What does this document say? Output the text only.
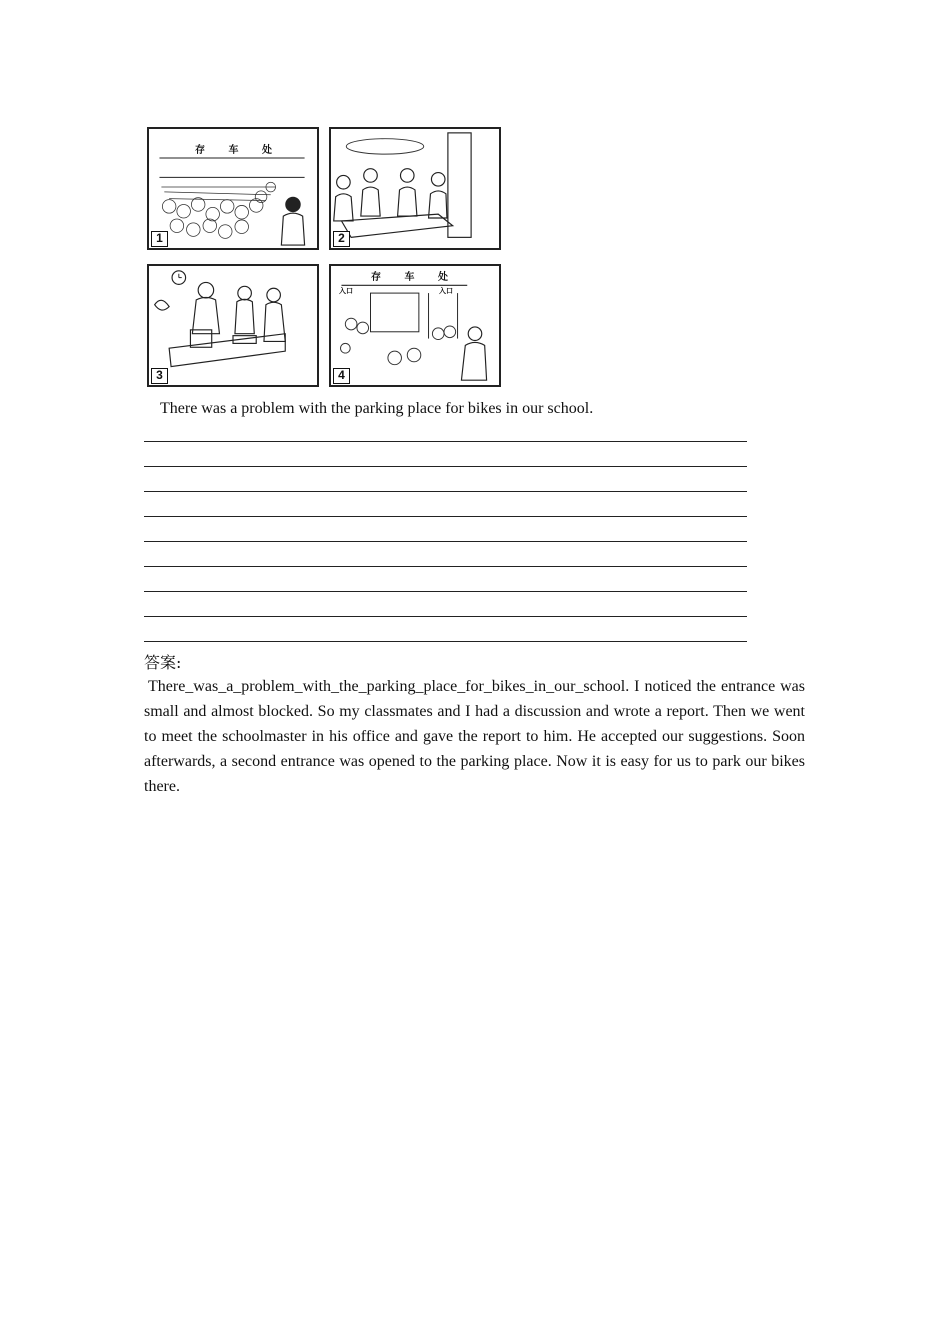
存 车 处
1	2
3
存 车 处
入口	入口
4
There was a problem with the parking place for bikes in our school.
答案:
There_was_a_problem_with_the_parking_place_for_bikes_in_our_school. I noticed the entrance was small and almost blocked. So my classmates and I had a discussion and wrote a report. Then we went to meet the schoolmaster in his office and gave the report to him. He accepted our suggestions. Soon afterwards, a second entrance was opened to the parking place. Now it is easy for us to park our bikes there.
